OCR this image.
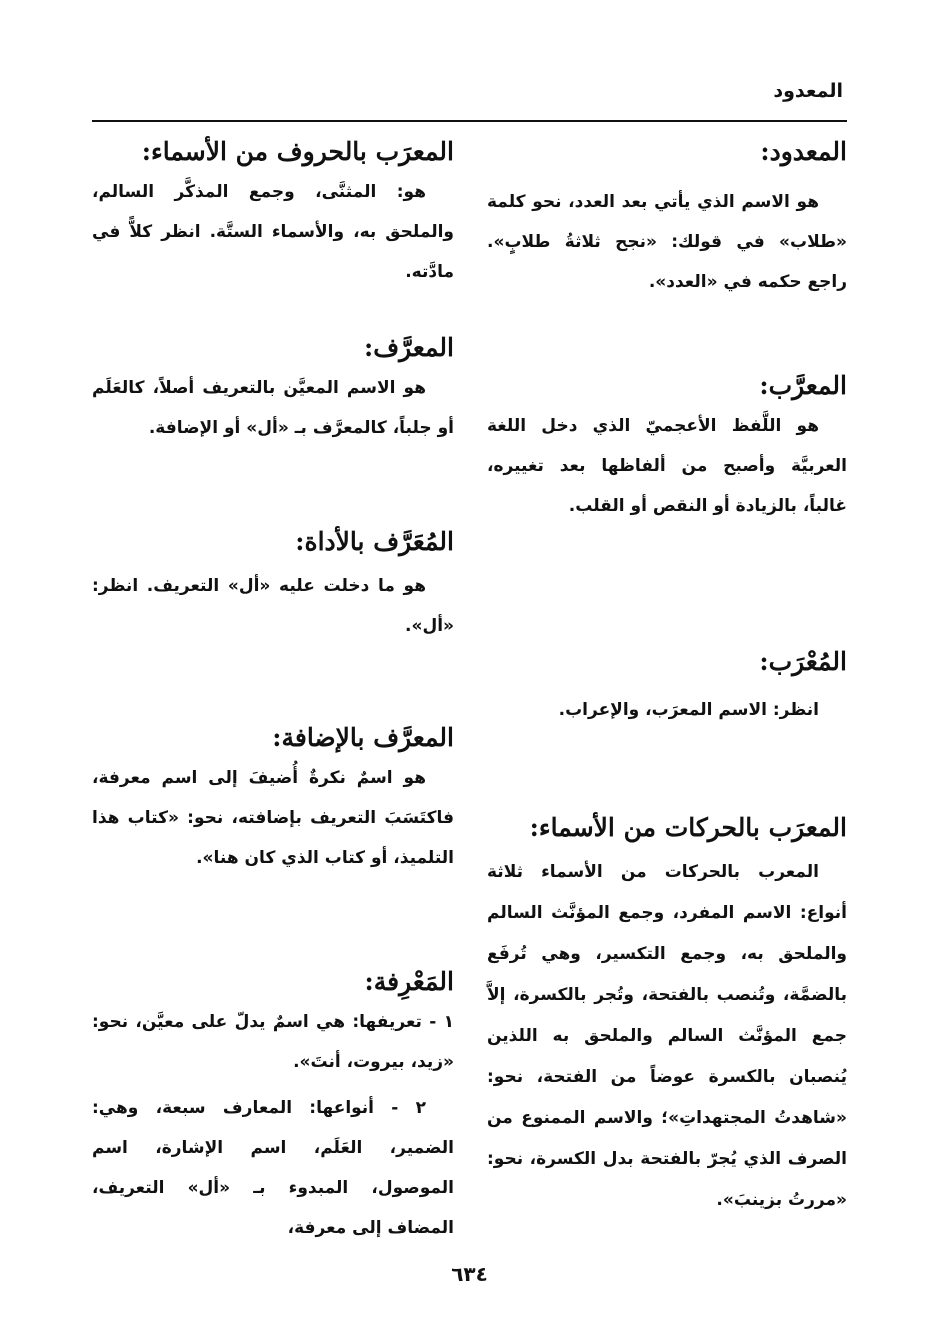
المعدود
المعدود:

هو الاسم الذي يأتي بعد العدد، نحو كلمة «طلاب» في قولك: «نجح ثلاثةُ طلابٍ». راجع حكمه في «العدد».

المعرَّب:

هو اللَّفظ الأعجميّ الذي دخل اللغة العربيَّة وأصبح من ألفاظها بعد تغييره، غالباً، بالزيادة أو النقص أو القلب.

المُعْرَب:

انظر: الاسم المعرَب، والإعراب.

المعرَب بالحركات من الأسماء:

المعرب بالحركات من الأسماء ثلاثة أنواع: الاسم المفرد، وجمع المؤنَّث السالم والملحق به، وجمع التكسير، وهي تُرفَع بالضمَّة، وتُنصب بالفتحة، وتُجر بالكسرة، إلاَّ جمع المؤنَّث السالم والملحق به اللذين يُنصبان بالكسرة عوضاً من الفتحة، نحو: «شاهدتُ المجتهداتِ»؛ والاسم الممنوع من الصرف الذي يُجرّ بالفتحة بدل الكسرة، نحو: «مررتُ بزينبَ».

المعرَب بالحروف من الأسماء:

هو: المثنَّى، وجمع المذكَّر السالم، والملحق به، والأسماء الستَّة. انظر كلاًّ في مادَّته.

المعرَّف:

هو الاسم المعيَّن بالتعريف أصلاً، كالعَلَم أو جلباً، كالمعرَّف بـ «أل» أو الإضافة.

المُعَرَّف بالأداة:

هو ما دخلت عليه «أل» التعريف. انظر: «أل».

المعرَّف بالإضافة:

هو اسمٌ نكرةٌ أُضيفَ إلى اسم معرفة، فاكتَسَبَ التعريف بإضافته، نحو: «كتاب هذا التلميذ، أو كتاب الذي كان هنا».

المَعْرِفة:

١ - تعريفها: هي اسمٌ يدلّ على معيَّن، نحو: «زيد، بيروت، أنتَ».

٢ - أنواعها: المعارف سبعة، وهي: الضمير، العَلَم، اسم الإشارة، اسم الموصول، المبدوء بـ «أل» التعريف، المضاف إلى معرفة،

٦٣٤
